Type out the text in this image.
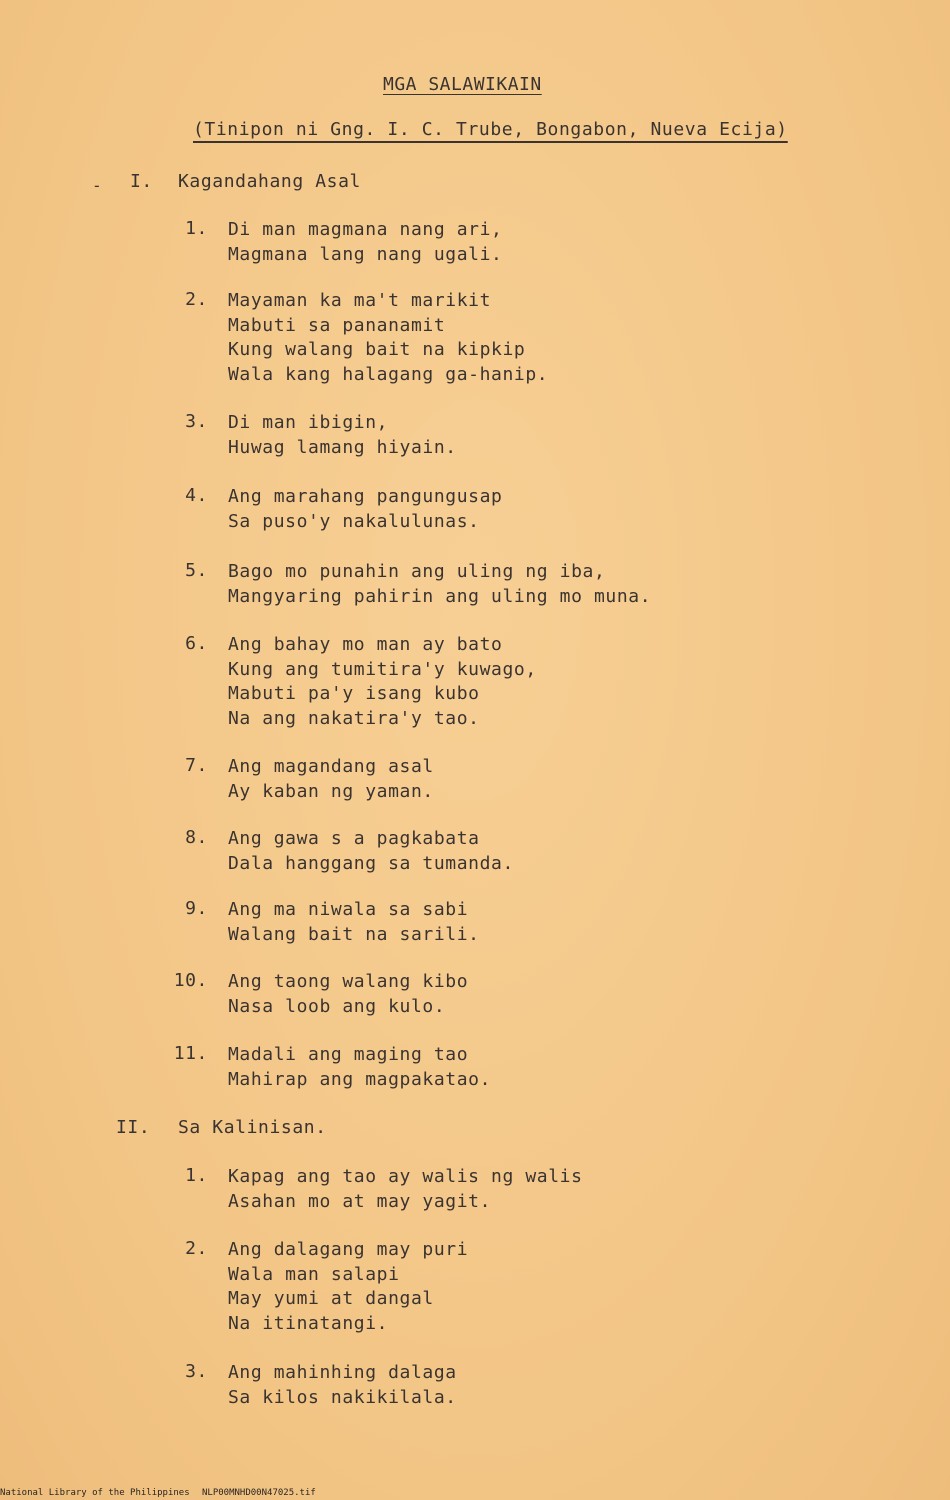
MGA SALAWIKAIN
(Tinipon ni Gng. I. C. Trube, Bongabon, Nueva Ecija)
- I. Kagandahang Asal
1. Di man magmana nang ari,
Magmana lang nang ugali.
2. Mayaman ka ma't marikit
Mabuti sa pananamit
Kung walang bait na kipkip
Wala kang halagang ga-hanip.
3. Di man ibigin,
Huwag lamang hiyain.
4. Ang marahang pangungusap
Sa puso'y nakalulunas.
5. Bago mo punahin ang uling ng iba,
Mangyaring pahirin ang uling mo muna.
6. Ang bahay mo man ay bato
Kung ang tumitira'y kuwago,
Mabuti pa'y isang kubo
Na ang nakatira'y tao.
7. Ang magandang asal
Ay kaban ng yaman.
8. Ang gawa s a pagkabata
Dala hanggang sa tumanda.
9. Ang ma niwala sa sabi
Walang bait na sarili.
10. Ang taong walang kibo
Nasa loob ang kulo.
11. Madali ang maging tao
Mahirap ang magpakatao.
II. Sa Kalinisan.
1. Kapag ang tao ay walis ng walis
Asahan mo at may yagit.
2. Ang dalagang may puri
Wala man salapi
May yumi at dangal
Na itinatangi.
3. Ang mahinhing dalaga
Sa kilos nakikilala.
National Library of the Philippines NLP00MNHD00N47025.tif
